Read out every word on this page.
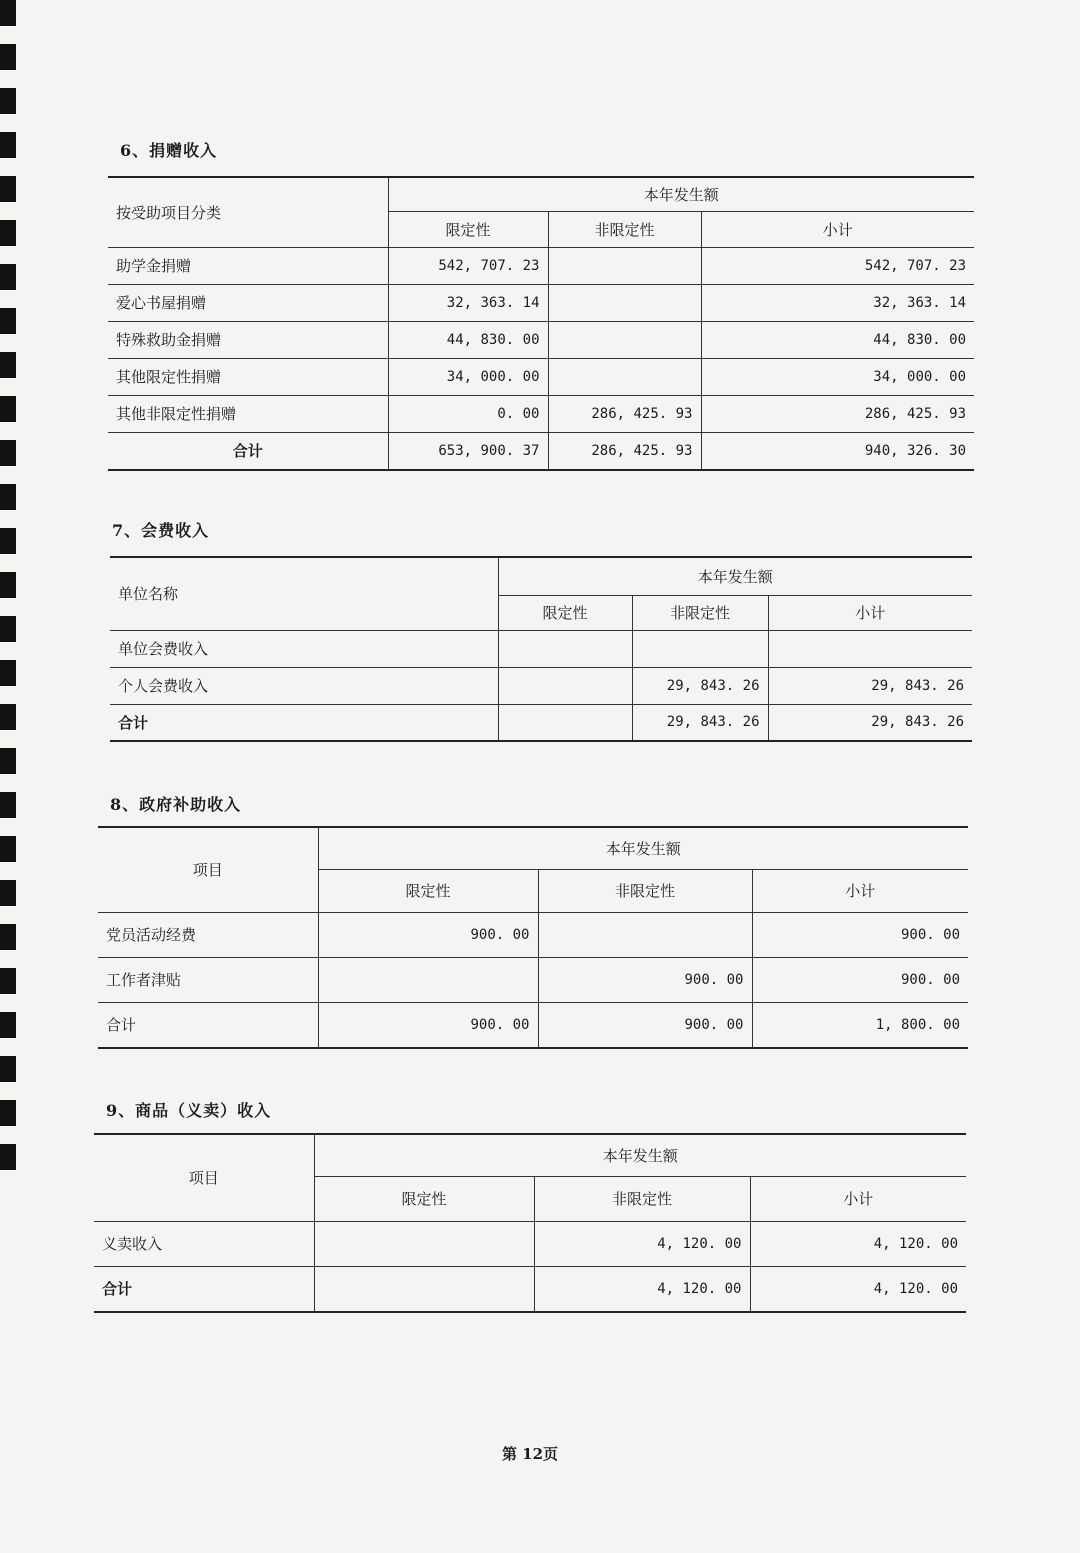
6、捐赠收入
按受助项目分类	本年发生额		
	限定性	非限定性	小计
助学金捐赠	542, 707. 23		542, 707. 23
爱心书屋捐赠	32, 363. 14		32, 363. 14
特殊救助金捐赠	44, 830. 00		44, 830. 00
其他限定性捐赠	34, 000. 00		34, 000. 00
其他非限定性捐赠	0. 00	286, 425. 93	286, 425. 93
合计	653, 900. 37	286, 425. 93	940, 326. 30
7、会费收入
单位名称	本年发生额		
	限定性	非限定性	小计
单位会费收入			
个人会费收入		29, 843. 26	29, 843. 26
合计		29, 843. 26	29, 843. 26
8、政府补助收入
项目	本年发生额		
	限定性	非限定性	小计
党员活动经费	900. 00		900. 00
工作者津贴		900. 00	900. 00
合计	900. 00	900. 00	1, 800. 00
9、商品（义卖）收入
项目	本年发生额		
	限定性	非限定性	小计
义卖收入		4, 120. 00	4, 120. 00
合计		4, 120. 00	4, 120. 00
第 12页
